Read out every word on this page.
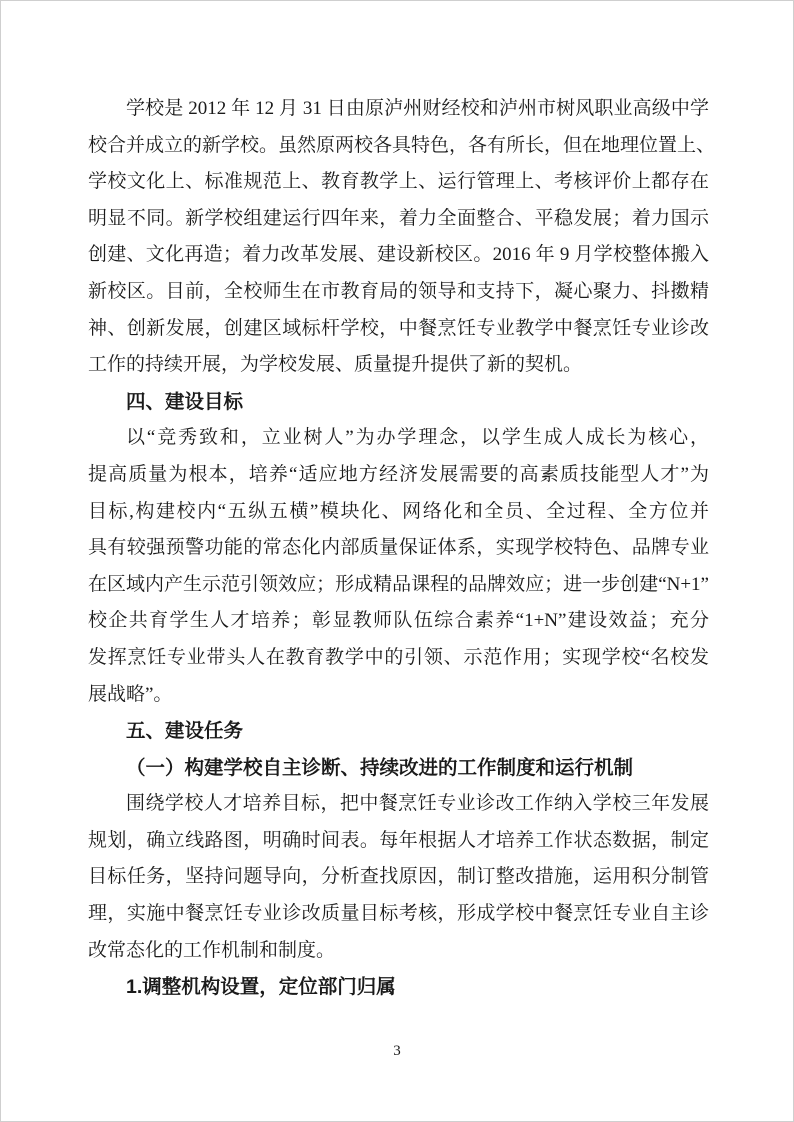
学校是 2012 年 12 月 31 日由原泸州财经校和泸州市树风职业高级中学
校合并成立的新学校。虽然原两校各具特色，各有所长，但在地理位置上、
学校文化上、标准规范上、教育教学上、运行管理上、考核评价上都存在
明显不同。新学校组建运行四年来，着力全面整合、平稳发展；着力国示
创建、文化再造；着力改革发展、建设新校区。2016 年 9 月学校整体搬入
新校区。目前，全校师生在市教育局的领导和支持下，凝心聚力、抖擞精
神、创新发展，创建区域标杆学校，中餐烹饪专业教学中餐烹饪专业诊改
工作的持续开展，为学校发展、质量提升提供了新的契机。
四、建设目标
以“竞秀致和，立业树人”为办学理念，以学生成人成长为核心，
提高质量为根本，培养“适应地方经济发展需要的高素质技能型人才”为
目标,构建校内“五纵五横”模块化、网络化和全员、全过程、全方位并
具有较强预警功能的常态化内部质量保证体系，实现学校特色、品牌专业
在区域内产生示范引领效应；形成精品课程的品牌效应；进一步创建“N+1”
校企共育学生人才培养；彰显教师队伍综合素养“1+N”建设效益；充分
发挥烹饪专业带头人在教育教学中的引领、示范作用；实现学校“名校发
展战略”。
五、建设任务
（一）构建学校自主诊断、持续改进的工作制度和运行机制
围绕学校人才培养目标，把中餐烹饪专业诊改工作纳入学校三年发展
规划，确立线路图，明确时间表。每年根据人才培养工作状态数据，制定
目标任务，坚持问题导向，分析查找原因，制订整改措施，运用积分制管
理，实施中餐烹饪专业诊改质量目标考核，形成学校中餐烹饪专业自主诊
改常态化的工作机制和制度。
1.调整机构设置，定位部门归属
3
